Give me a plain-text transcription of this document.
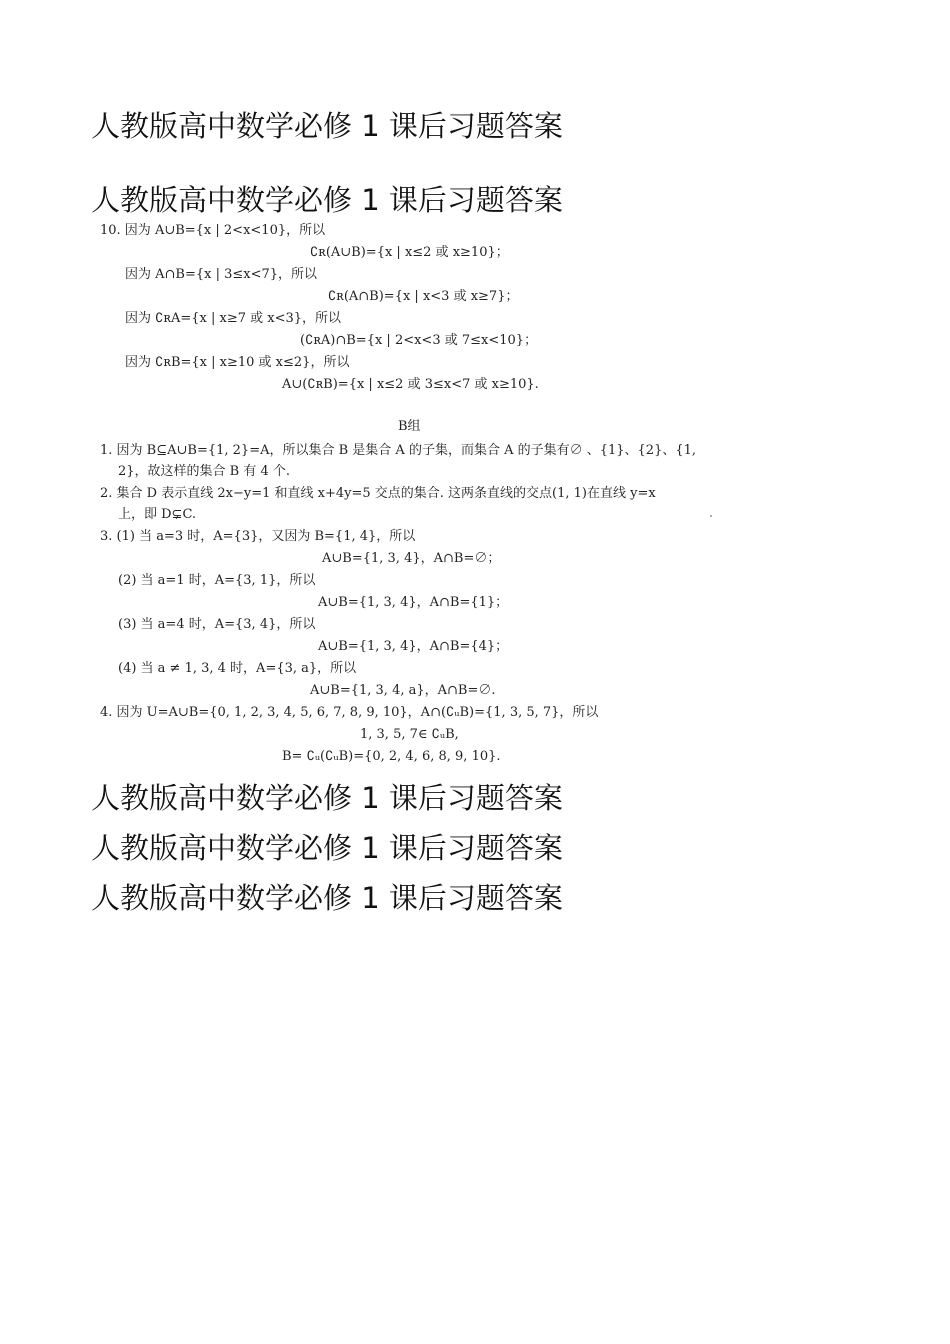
人教版高中数学必修 1 课后习题答案
人教版高中数学必修 1 课后习题答案
10. 因为 A∪B={x | 2<x<10}，所以
∁ʀ(A∪B)={x | x≤2 或 x≥10}；
因为 A∩B={x | 3≤x<7}，所以
∁ʀ(A∩B)={x | x<3 或 x≥7}；
因为 ∁ʀA={x | x≥7 或 x<3}，所以
(∁ʀA)∩B={x | 2<x<3 或 7≤x<10}；
因为 ∁ʀB={x | x≥10 或 x≤2}，所以
A∪(∁ʀB)={x | x≤2 或 3≤x<7 或 x≥10}.
B组
1. 因为 B⊆A∪B={1, 2}=A，所以集合 B 是集合 A 的子集，而集合 A 的子集有∅ 、{1}、{2}、{1,
2}，故这样的集合 B 有 4 个.
2. 集合 D 表示直线 2x−y=1 和直线 x+4y=5 交点的集合. 这两条直线的交点(1, 1)在直线 y=x
上，即 D⊊C.
3. (1) 当 a=3 时，A={3}，又因为 B={1, 4}，所以
A∪B={1, 3, 4}，A∩B=∅；
(2) 当 a=1 时，A={3, 1}，所以
A∪B={1, 3, 4}，A∩B={1}；
(3) 当 a=4 时，A={3, 4}，所以
A∪B={1, 3, 4}，A∩B={4}；
(4) 当 a ≠ 1, 3, 4 时，A={3, a}，所以
A∪B={1, 3, 4, a}，A∩B=∅.
4. 因为 U=A∪B={0, 1, 2, 3, 4, 5, 6, 7, 8, 9, 10}，A∩(∁ᵤB)={1, 3, 5, 7}，所以
1, 3, 5, 7∈ ∁ᵤB,
B= ∁ᵤ(∁ᵤB)={0, 2, 4, 6, 8, 9, 10}.
人教版高中数学必修 1 课后习题答案
人教版高中数学必修 1 课后习题答案
人教版高中数学必修 1 课后习题答案
